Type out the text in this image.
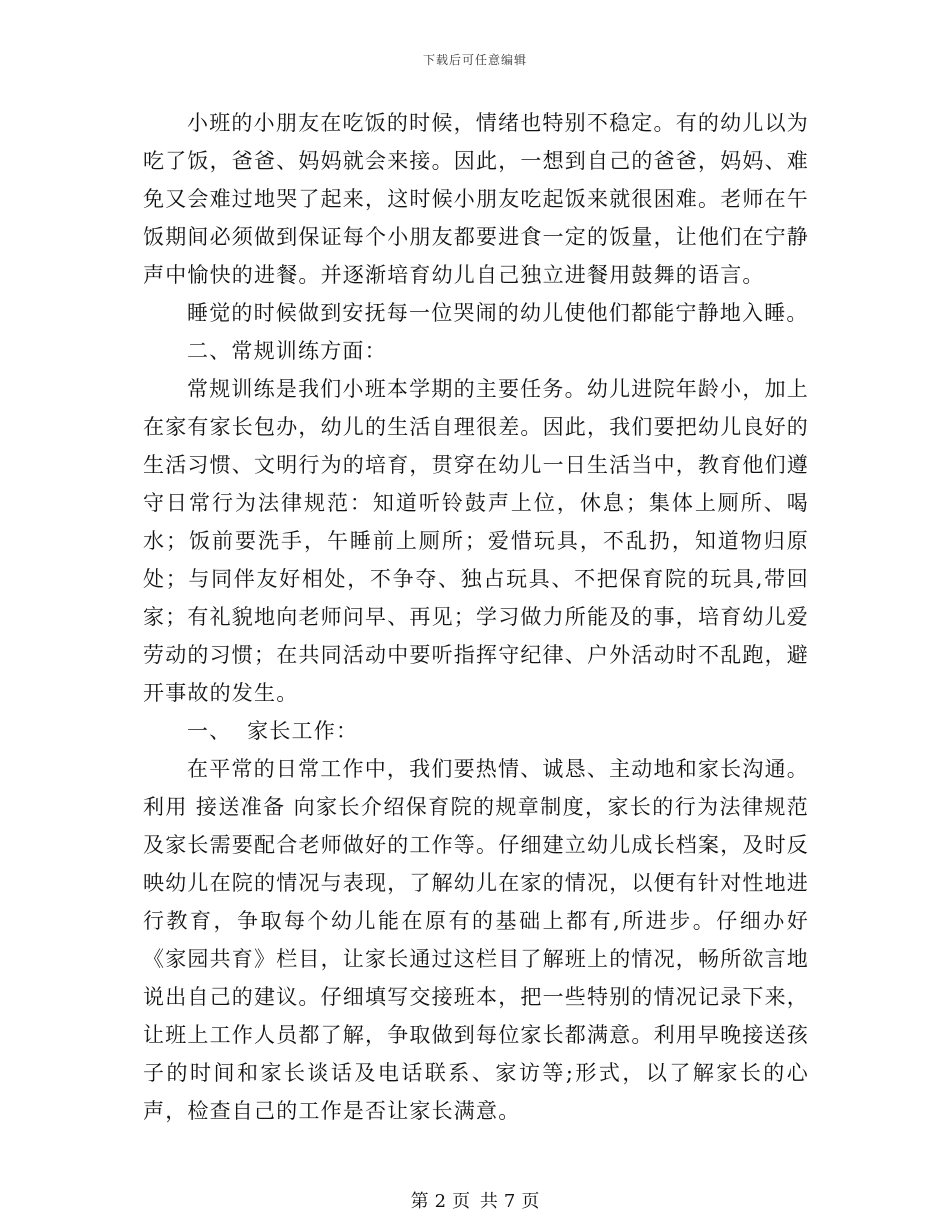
下载后可任意编辑

小班的小朋友在吃饭的时候，情绪也特别不稳定。有的幼儿以为吃了饭，爸爸、妈妈就会来接。因此，一想到自己的爸爸，妈妈、难免又会难过地哭了起来，这时候小朋友吃起饭来就很困难。老师在午饭期间必须做到保证每个小朋友都要进食一定的饭量，让他们在宁静声中愉快的进餐。并逐渐培育幼儿自己独立进餐用鼓舞的语言。

睡觉的时候做到安抚每一位哭闹的幼儿使他们都能宁静地入睡。

二、常规训练方面：

常规训练是我们小班本学期的主要任务。幼儿进院年龄小，加上在家有家长包办，幼儿的生活自理很差。因此，我们要把幼儿良好的生活习惯、文明行为的培育，贯穿在幼儿一日生活当中，教育他们遵守日常行为法律规范：知道听铃鼓声上位，休息；集体上厕所、喝水；饭前要洗手，午睡前上厕所；爱惜玩具，不乱扔，知道物归原处；与同伴友好相处，不争夺、独占玩具、不把保育院的玩具,带回家；有礼貌地向老师问早、再见；学习做力所能及的事，培育幼儿爱劳动的习惯；在共同活动中要听指挥守纪律、户外活动时不乱跑，避开事故的发生。

一、  家长工作：

在平常的日常工作中，我们要热情、诚恳、主动地和家长沟通。利用 接送准备 向家长介绍保育院的规章制度，家长的行为法律规范及家长需要配合老师做好的工作等。仔细建立幼儿成长档案，及时反映幼儿在院的情况与表现，了解幼儿在家的情况，以便有针对性地进行教育，争取每个幼儿能在原有的基础上都有,所进步。仔细办好《家园共育》栏目，让家长通过这栏目了解班上的情况，畅所欲言地说出自己的建议。仔细填写交接班本，把一些特别的情况记录下来，让班上工作人员都了解，争取做到每位家长都满意。利用早晚接送孩子的时间和家长谈话及电话联系、家访等;形式，以了解家长的心声，检查自己的工作是否让家长满意。

第 2 页 共 7 页
